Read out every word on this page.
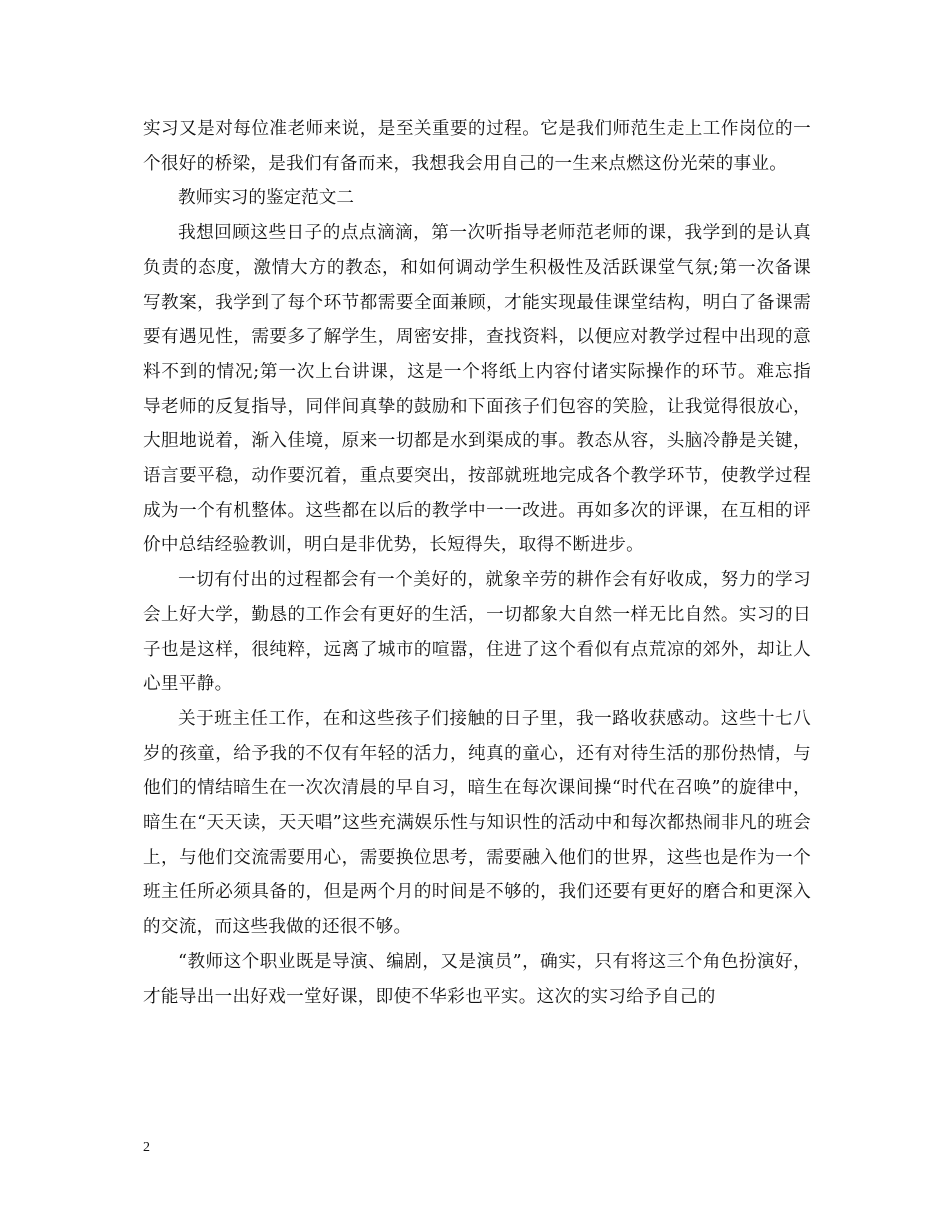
实习又是对每位准老师来说，是至关重要的过程。它是我们师范生走上工作岗位的一个很好的桥梁，是我们有备而来，我想我会用自己的一生来点燃这份光荣的事业。

教师实习的鉴定范文二

我想回顾这些日子的点点滴滴，第一次听指导老师范老师的课，我学到的是认真负责的态度，激情大方的教态，和如何调动学生积极性及活跃课堂气氛;第一次备课写教案，我学到了每个环节都需要全面兼顾，才能实现最佳课堂结构，明白了备课需要有遇见性，需要多了解学生，周密安排，查找资料，以便应对教学过程中出现的意料不到的情况;第一次上台讲课，这是一个将纸上内容付诸实际操作的环节。难忘指导老师的反复指导，同伴间真挚的鼓励和下面孩子们包容的笑脸，让我觉得很放心，大胆地说着，渐入佳境，原来一切都是水到渠成的事。教态从容，头脑冷静是关键，语言要平稳，动作要沉着，重点要突出，按部就班地完成各个教学环节，使教学过程成为一个有机整体。这些都在以后的教学中一一改进。再如多次的评课，在互相的评价中总结经验教训，明白是非优势，长短得失，取得不断进步。

一切有付出的过程都会有一个美好的，就象辛劳的耕作会有好收成，努力的学习会上好大学，勤恳的工作会有更好的生活，一切都象大自然一样无比自然。实习的日子也是这样，很纯粹，远离了城市的喧嚣，住进了这个看似有点荒凉的郊外，却让人心里平静。

关于班主任工作，在和这些孩子们接触的日子里，我一路收获感动。这些十七八岁的孩童，给予我的不仅有年轻的活力，纯真的童心，还有对待生活的那份热情，与他们的情结暗生在一次次清晨的早自习，暗生在每次课间操“时代在召唤”的旋律中，暗生在“天天读，天天唱”这些充满娱乐性与知识性的活动中和每次都热闹非凡的班会上，与他们交流需要用心，需要换位思考，需要融入他们的世界，这些也是作为一个班主任所必须具备的，但是两个月的时间是不够的，我们还要有更好的磨合和更深入的交流，而这些我做的还很不够。

“教师这个职业既是导演、编剧，又是演员”，确实，只有将这三个角色扮演好，才能导出一出好戏一堂好课，即使不华彩也平实。这次的实习给予自己的

2
